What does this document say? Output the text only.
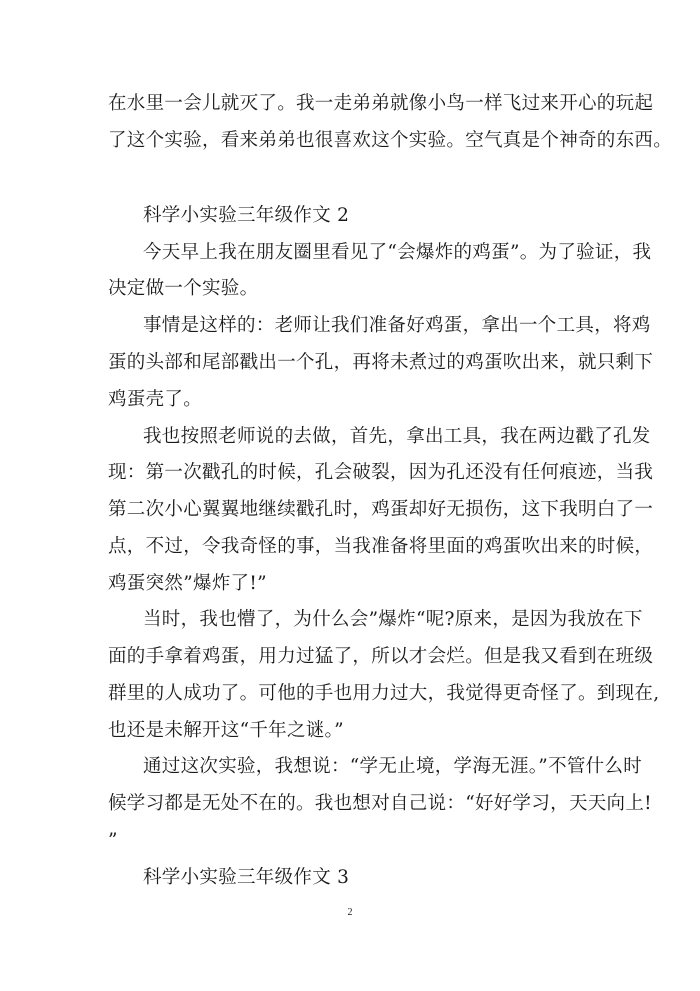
在水里一会儿就灭了。我一走弟弟就像小鸟一样飞过来开心的玩起
了这个实验，看来弟弟也很喜欢这个实验。空气真是个神奇的东西。
科学小实验三年级作文 2
今天早上我在朋友圈里看见了“会爆炸的鸡蛋”。为了验证，我
决定做一个实验。
事情是这样的：老师让我们准备好鸡蛋，拿出一个工具，将鸡
蛋的头部和尾部戳出一个孔，再将未煮过的鸡蛋吹出来，就只剩下
鸡蛋壳了。
我也按照老师说的去做，首先，拿出工具，我在两边戳了孔发
现：第一次戳孔的时候，孔会破裂，因为孔还没有任何痕迹，当我
第二次小心翼翼地继续戳孔时，鸡蛋却好无损伤，这下我明白了一
点，不过，令我奇怪的事，当我准备将里面的鸡蛋吹出来的时候，
鸡蛋突然”爆炸了!”
当时，我也懵了，为什么会”爆炸“呢?原来，是因为我放在下
面的手拿着鸡蛋，用力过猛了，所以才会烂。但是我又看到在班级
群里的人成功了。可他的手也用力过大，我觉得更奇怪了。到现在,
也还是未解开这“千年之谜。”
通过这次实验，我想说：“学无止境，学海无涯。”不管什么时
候学习都是无处不在的。我也想对自己说：“好好学习，天天向上!
”
科学小实验三年级作文 3
2
